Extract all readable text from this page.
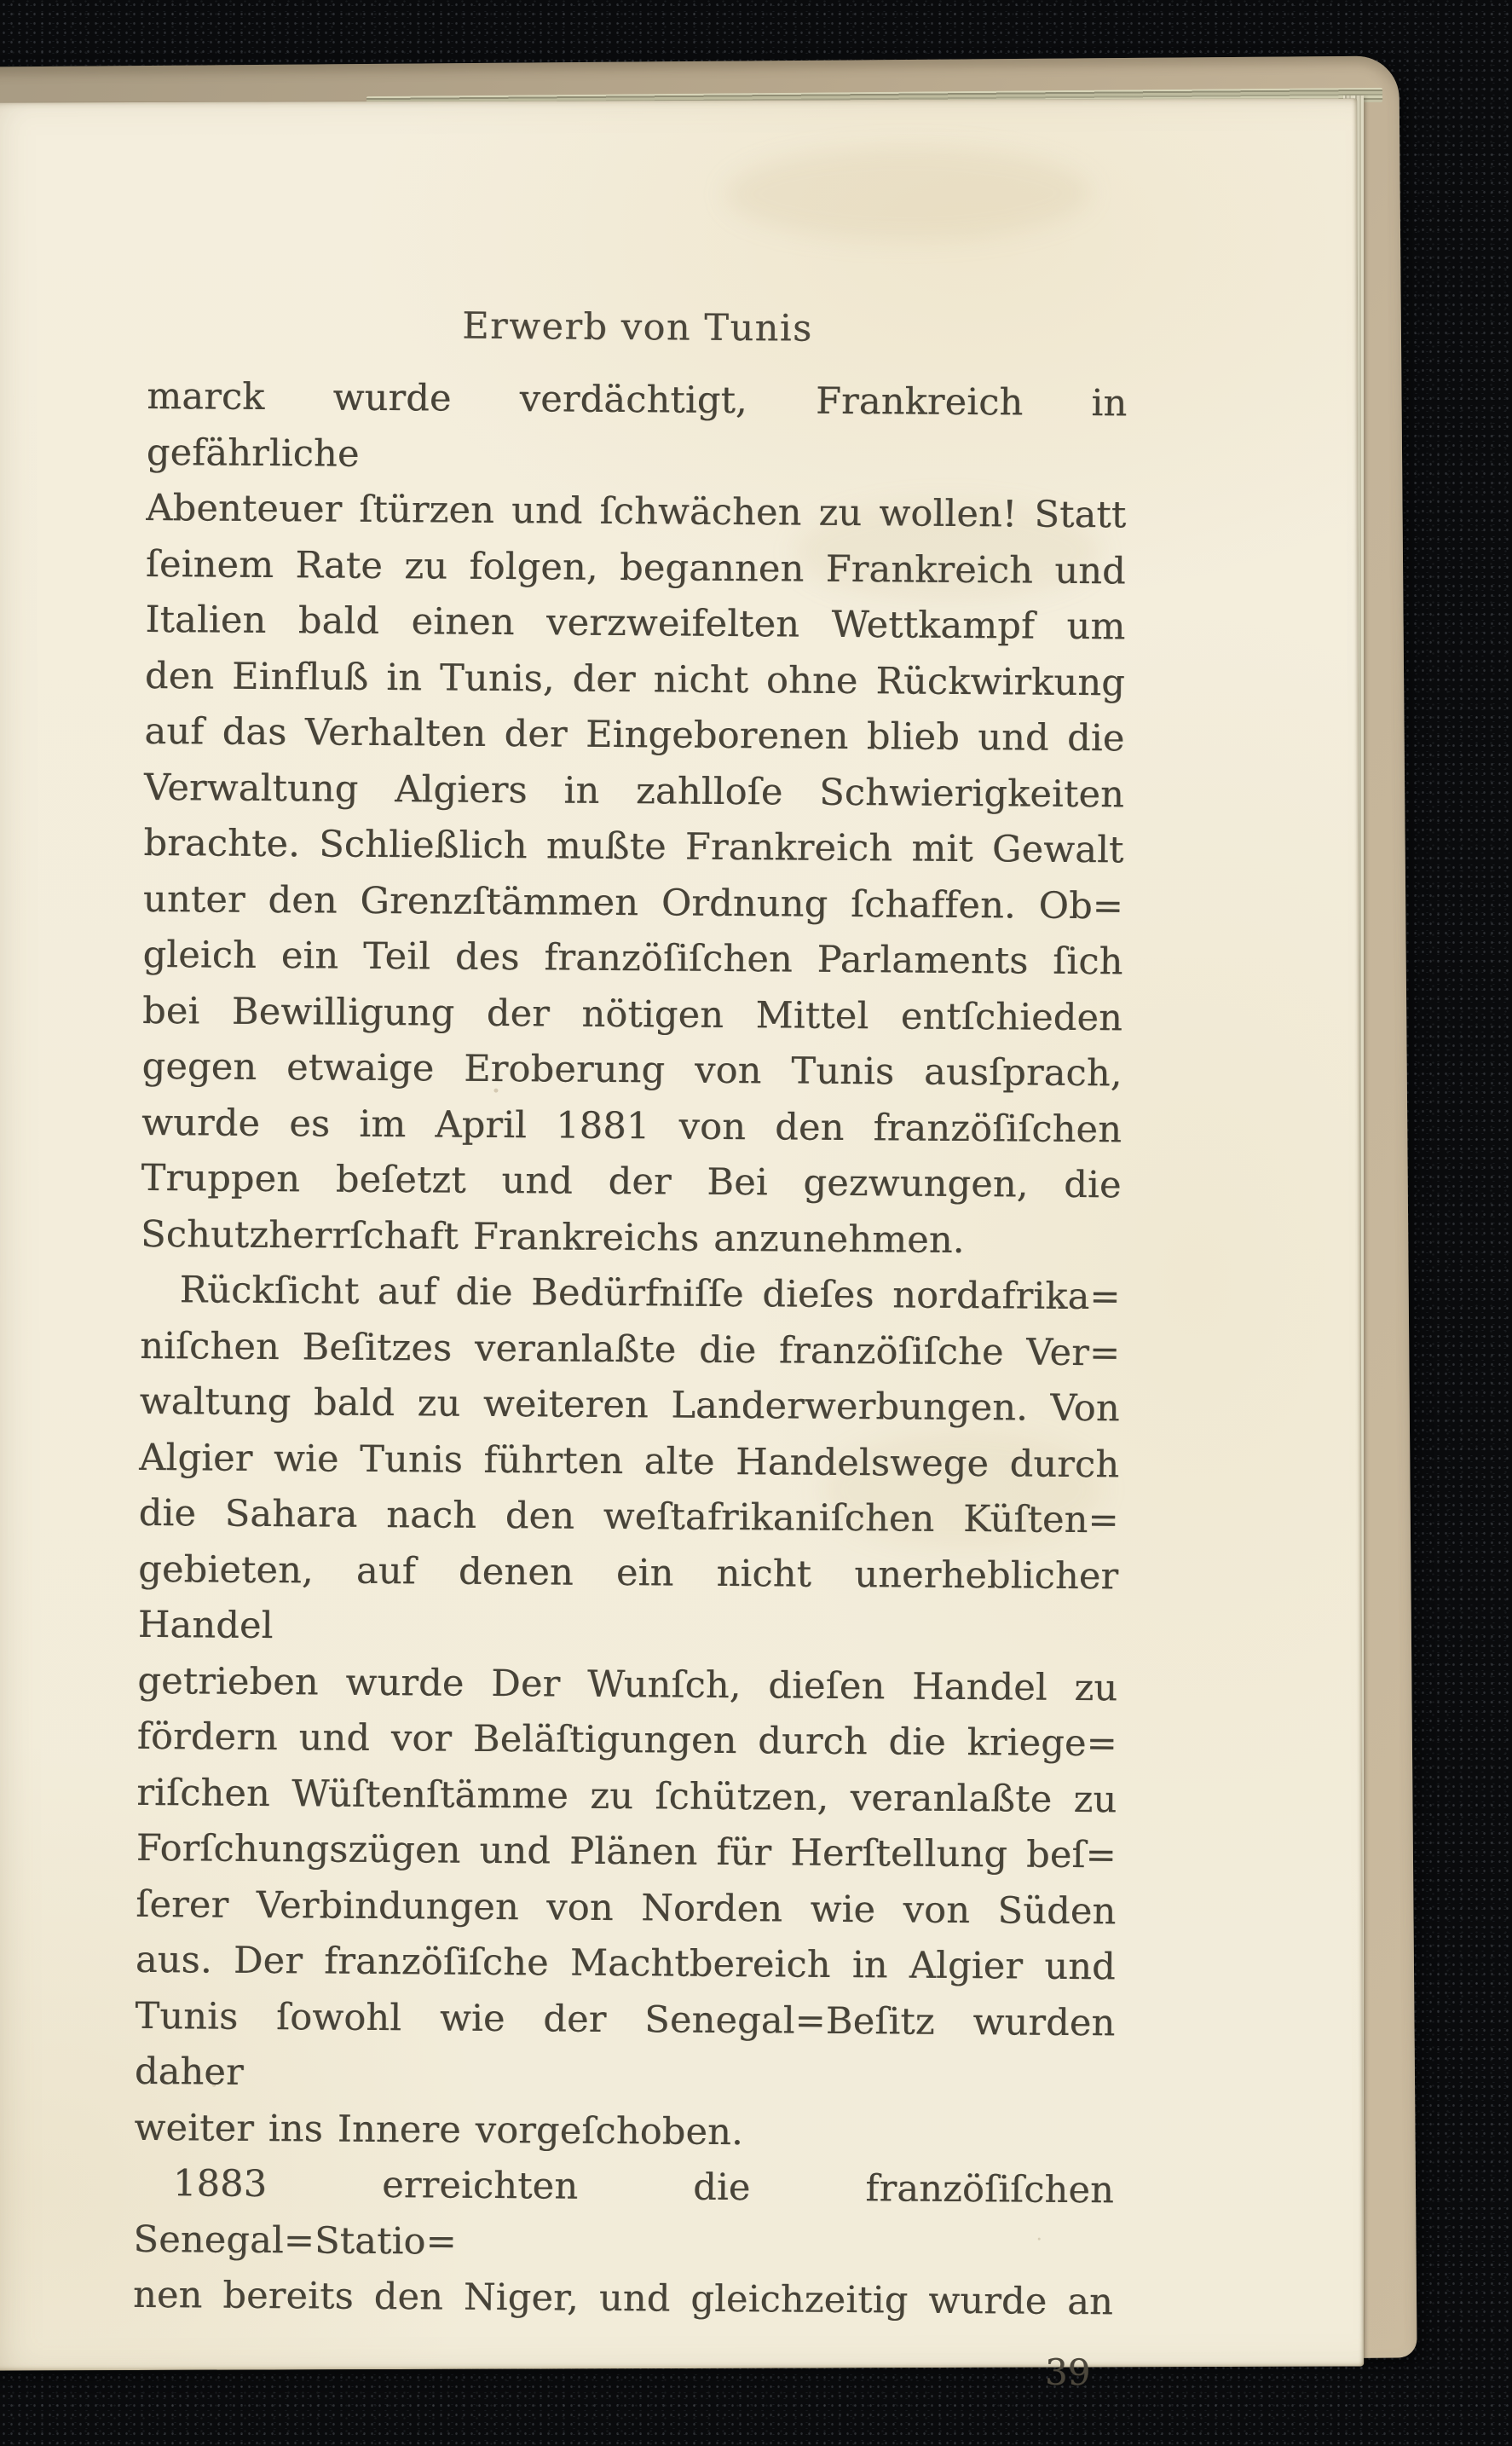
Erwerb von Tunis
marck wurde verdächtigt, Frankreich in gefährliche
Abenteuer ſtürzen und ſchwächen zu wollen! Statt
ſeinem Rate zu folgen, begannen Frankreich und
Italien bald einen verzweifelten Wettkampf um
den Einfluß in Tunis, der nicht ohne Rückwirkung
auf das Verhalten der Eingeborenen blieb und die
Verwaltung Algiers in zahlloſe Schwierigkeiten
brachte. Schließlich mußte Frankreich mit Gewalt
unter den Grenzſtämmen Ordnung ſchaffen. Ob=
gleich ein Teil des franzöſiſchen Parlaments ſich
bei Bewilligung der nötigen Mittel entſchieden
gegen etwaige Eroberung von Tunis ausſprach,
wurde es im April 1881 von den franzöſiſchen
Truppen beſetzt und der Bei gezwungen, die
Schutzherrſchaft Frankreichs anzunehmen.
Rückſicht auf die Bedürfniſſe dieſes nordafrika=
niſchen Beſitzes veranlaßte die franzöſiſche Ver=
waltung bald zu weiteren Landerwerbungen. Von
Algier wie Tunis führten alte Handelswege durch
die Sahara nach den weſtafrikaniſchen Küſten=
gebieten, auf denen ein nicht unerheblicher Handel
getrieben wurde Der Wunſch, dieſen Handel zu
fördern und vor Beläſtigungen durch die kriege=
riſchen Wüſtenſtämme zu ſchützen, veranlaßte zu
Forſchungszügen und Plänen für Herſtellung beſ=
ſerer Verbindungen von Norden wie von Süden
aus. Der franzöſiſche Machtbereich in Algier und
Tunis ſowohl wie der Senegal=Beſitz wurden daher
weiter ins Innere vorgeſchoben.
1883 erreichten die franzöſiſchen Senegal=Statio=
nen bereits den Niger, und gleichzeitig wurde an
39
